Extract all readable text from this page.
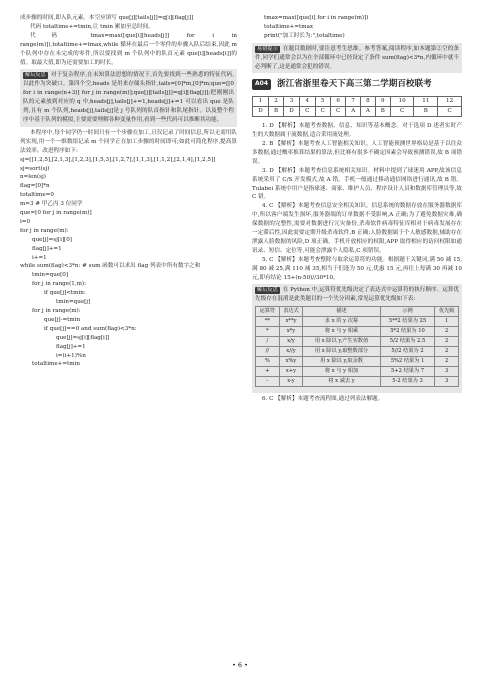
成步骤的时间,即入队元素。本空应填写 que[j][tails[j]]=q[i][flag[j]]

代码 totaltime+=tmin,让 tmin 累加至总时间。

代码 tmax=max([que[i][heads[j]] for i in range(m)]),totaltime+=tmax,while 循环在最后一个零件的步骤入队后结束,因此 m 个队列中存在未完成的零件,所以要找到 m 个队列中的队首元素 que[i][heads[i]]的值。取最大值,即为还需要加工的时长。

解后反思 对于复杂程序,在未知算法思想的情况下,首先要找到一些熟悉的特征代码,以此作为突破口。第四个空,heads 是用来存储头指针,tails=[0]*m,[0]*m;que=[[0 for i in range(n+3)] for j in range(m)];que[j][tails[j]]=q[i][flag[j]];把刚刚出队的元素放到对应的 q 中,heads[j],tails[j]+=1,heads[j]+=1 可以看出 que 是队列,且有 m 个队列,heads[j],tails[j]是 j 号队列的队首指针和队尾指针。以及整个程序中基于队列的模拟,主要需要理解各种变量作用,看到一些代码可以推断其功能。

本程序中,每个同学仍一时间只有一个步骤在加工,且仅记录了时间信息,所以无需用队列实现,用一个一维数组记录 m 个同学正在加工步骤的时间即可;如此可简化程序,提高算法效率。改进程序如下:

sj=[[1,2,5],[2,1,3],[1,2,3],[1,5,3],[1,2,7],[1,1,3],[1,1,2],[2,1,4],[1,2,5]]

sj=sort(sj)

n=len(sj)

flag=[0]*n

totaltime=0

m=3 # 甲乙丙 3 位同学

que=[0 for j in range(m)]

i=0

for j in range(m):

que[j]=sj[i][0]

flag[j]+=1

i+=1

while sum(flag)<3*n: # sum 函数可以求出 flag 列表中所有数字之和

tmin=que[0]

for j in range(1,m):

if que[j]<tmin:

tmin=que[j]

for j in range(m):

que[j]-=tmin

if que[j]==0 and sum(flag)<3*n:

que[j]=sj[i][flag[i]]

flag[j]+=1

i=(i+1)%n

totaltime+=tmin

tmax=max([que[i] for i in range(m)])

totaltime+=tmax

print("加工时长为:",totaltime)

易错提示 在题目数据时,要注意考生思维。参考答案,阅读程序,如本题第②空的条件,同学们通常会以为在全部循环中已经设定了条件 sum(flag)<3*n,内循环中就不必判断了,这是通常会犯的错误。

A04	浙江省浙里卷天下高三第二学期百校联考
1	2	3	4	5	6	7	8	9	10	11	12
D	B	D	C	C	C	A	A	B	C	B	C

1. D 【解析】本题考查数据、信息、知识等基本概念。对于选项 D 述者实时产生的大数据属于流数据,适合采用流处理。

2. B 【解析】本题考查人工智能相关知识。人工智能预测世界格局是基于以往众多数据,通过概率推算结果的算法,但比赛有很多不确定因素会导致预测错误,故 B 项错误。

3. D 【解析】本题考查信息系统相关知识。材料中提到了球迷用 APP,故该信息系统采用了 C/S 开发模式,故 A 错。手机一般通过移动通信网络进行通讯,故 B 错。Tulabei 系统中用户是指球迷、商家、维护人员、程序设计人员和数据库管理员等,故 C 错。

4. C 【解析】本题考查信息安全相关知识。信息系统的数据存放在服务器数据库中,所以客户端发生损坏,服务器端的订单数据不受影响,A 正确;为了避免数据灾难,确保数据的完整性,需要对数据进行冗灾备份,杀毒软件病毒特征库相对于病毒发展存在一定滞后性,因此需要定期升级杀毒软件,B 正确;人脸数据属于个人敏感数据,辅助存在泄露人脸数据的风险,D 项正确。手机开放相应的权限,APP 取得相应的访问权限如通讯录、短信、定位等,可能会泄露个人隐私,C 项错误。

5. C 【解析】本题考查整除与取余运算符的功能。根据题干关键词,满 50 减 15,满 80 减 25,满 110 减 35,相当于们逢为 50 元,优惠 15 元,再往上每满 30 再减 10 元,即有结论 15+(n-50)//30*10。

解后反思 在 Python 中,运算符优先级决定了表达式中运算符的执行顺序。运算优先级存在混淆是此类题目的一个失分因素,常见运算优先级如下表:

运算符	表达式	描述	示例	优先级
**	x**y	求 x 的 y 次幂	5**2 结果为 25	1
*	x*y	将 x 与 y 相乘	5*2 结果为 10	2
/	x/y	用 x 除以 y,产生实数值	5/2 结果为 2.5	2
//	x//y	用 x 除以 y,取整数部分	5//2 结果为 2	2
%	x%y	用 x 除以 y,取余数	5%2 结果为 1	2
+	x+y	将 x 与 y 相加	5+2 结果为 7	3
-	x-y	将 x 减去 y	5-2 结果为 3	3

6. C 【解析】本题考查流程图,通过列表法解题。

• 6 •
